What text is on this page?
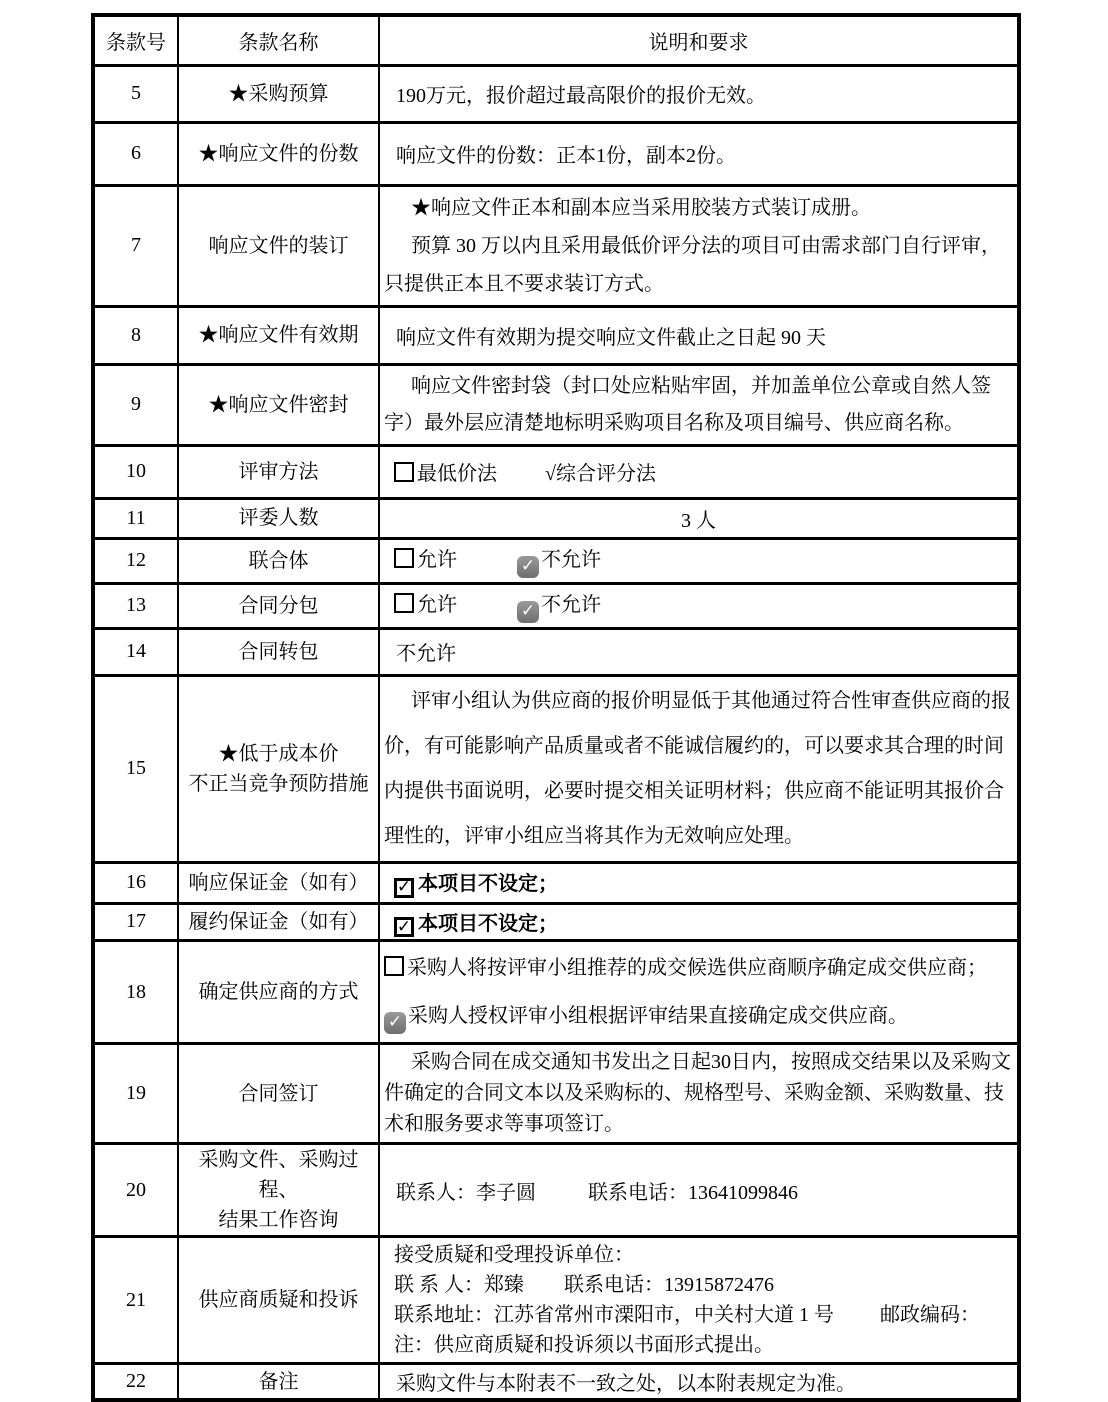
条款号	条款名称	说明和要求
5	★采购预算	190万元，报价超过最高限价的报价无效。
6	★响应文件的份数	响应文件的份数：正本1份，副本2份。
7	响应文件的装订	★响应文件正本和副本应当采用胶装方式装订成册。
预算 30 万以内且采用最低价评分法的项目可由需求部门自行评审，只提供正本且不要求装订方式。

8	★响应文件有效期	响应文件有效期为提交响应文件截止之日起 90 天
9	★响应文件密封	响应文件密封袋（封口处应粘贴牢固，并加盖单位公章或自然人签字）最外层应清楚地标明采购项目名称及项目编号、供应商名称。

10	评审方法	最低价法 √综合评分法
11	评委人数	3 人
12	联合体	允许 ✓ 不允许
13	合同分包	允许 ✓ 不允许
14	合同转包	不允许
15	★低于成本价
不正当竞争预防措施	评审小组认为供应商的报价明显低于其他通过符合性审查供应商的报价，有可能影响产品质量或者不能诚信履约的，可以要求其合理的时间内提供书面说明，必要时提交相关证明材料；供应商不能证明其报价合理性的，评审小组应当将其作为无效响应处理。

16	响应保证金（如有）	✓本项目不设定；
17	履约保证金（如有）	✓本项目不设定；
18	确定供应商的方式	采购人将按评审小组推荐的成交候选供应商顺序确定成交供应商；
✓采购人授权评审小组根据评审结果直接确定成交供应商。

19	合同签订	采购合同在成交通知书发出之日起30日内，按照成交结果以及采购文件确定的合同文本以及采购标的、规格型号、采购金额、采购数量、技术和服务要求等事项签订。

20	采购文件、采购过程、
结果工作咨询	联系人：李子圆 联系电话：13641099846
21	供应商质疑和投诉	接受质疑和受理投诉单位：
联 系 人：郑臻 联系电话：13915872476
联系地址：江苏省常州市溧阳市，中关村大道 1 号 邮政编码：
注：供应商质疑和投诉须以书面形式提出。

22	备注	采购文件与本附表不一致之处，以本附表规定为准。
